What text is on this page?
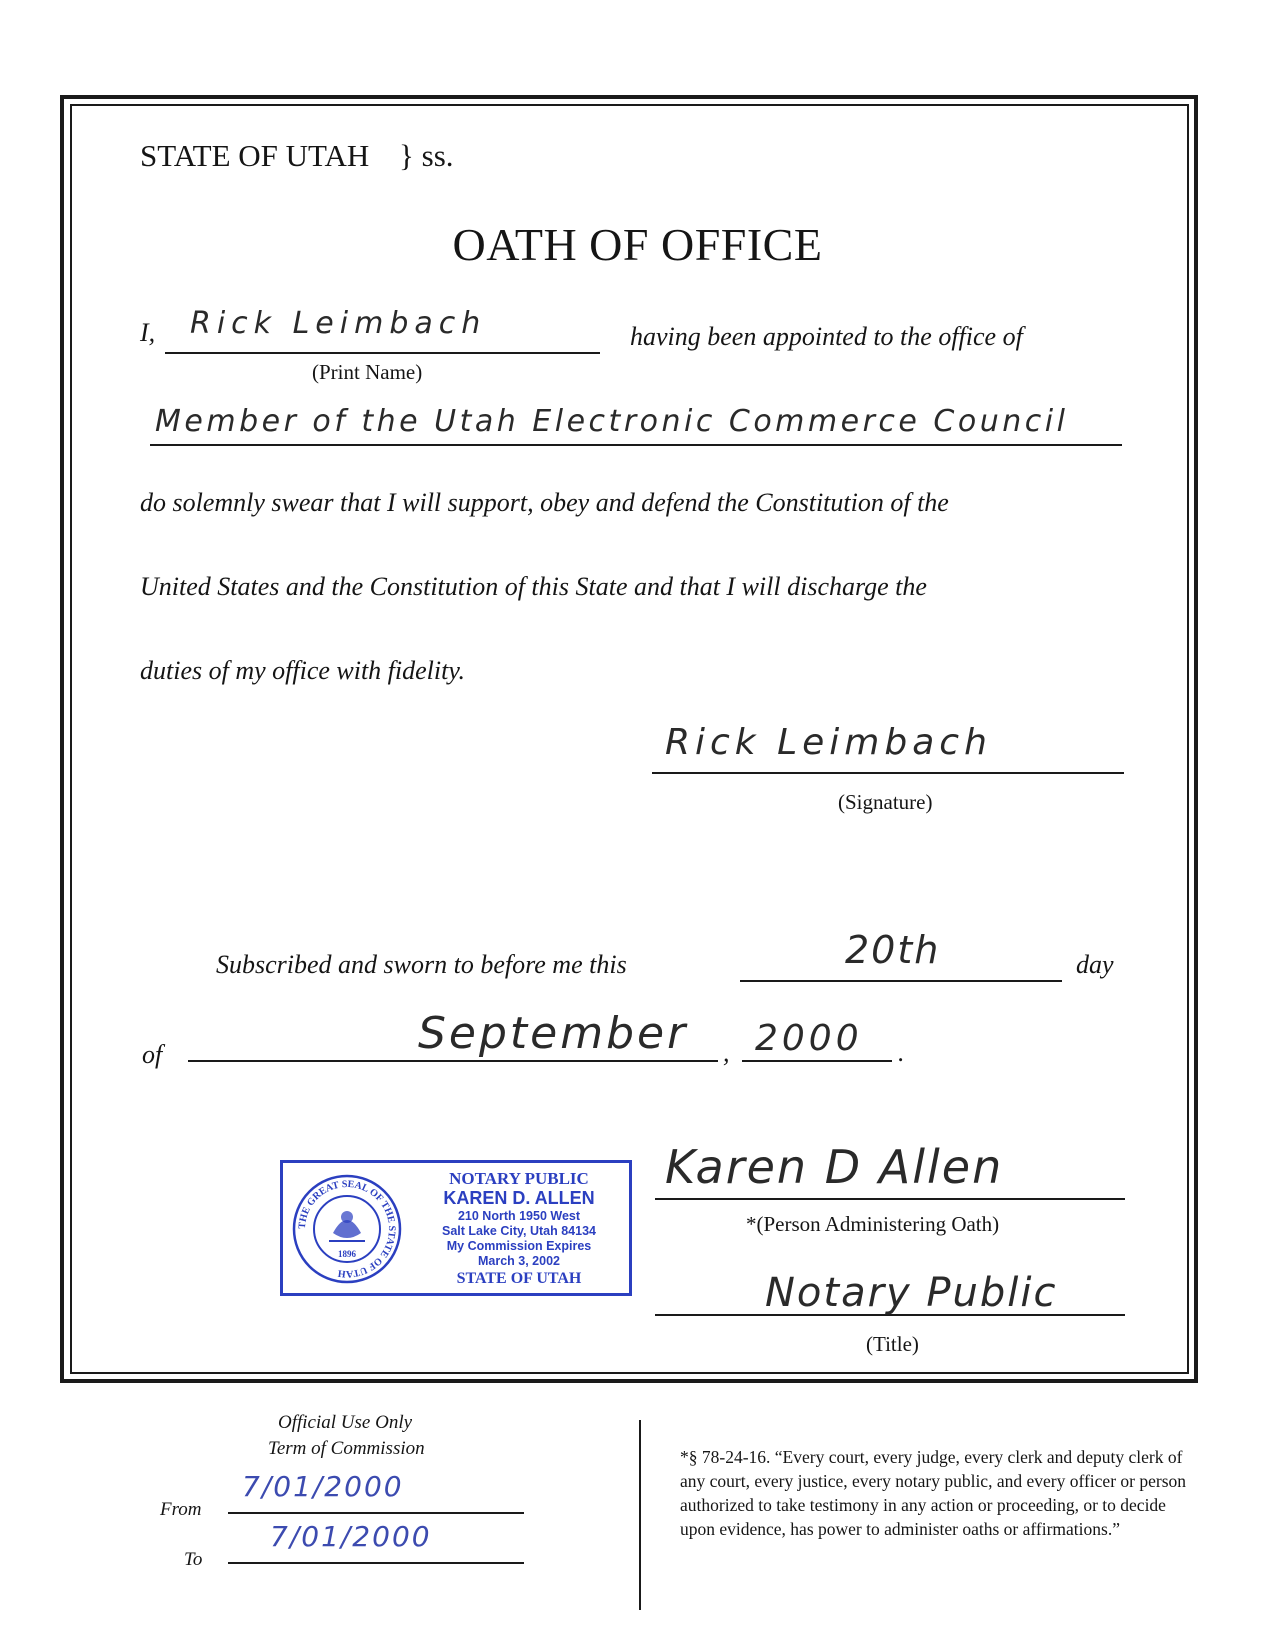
STATE OF UTAH } ss.
OATH OF OFFICE
I, Rick Leimbach
(Print Name)
having been appointed to the office of
Member of the Utah Electronic Commerce Council
do solemnly swear that I will support, obey and defend the Constitution of the
United States and the Constitution of this State and that I will discharge the
duties of my office with fidelity.
Rick Leimbach
(Signature)
Subscribed and sworn to before me this	20th	day
of	September , 2000 .
THE GREAT SEAL OF THE STATE OF UTAH
1896
NOTARY PUBLIC
KAREN D. ALLEN
210 North 1950 West
Salt Lake City, Utah 84134
My Commission Expires
March 3, 2002
STATE OF UTAH
Karen D Allen
*(Person Administering Oath)
Notary Public
(Title)
Official Use Only
Term of Commission
From
7/01/2000
To
7/01/2000
*§ 78-24-16. “Every court, every judge, every clerk and deputy clerk of any court, every justice, every notary public, and every officer or person authorized to take testimony in any action or proceeding, or to decide upon evidence, has power to administer oaths or affirmations.”
